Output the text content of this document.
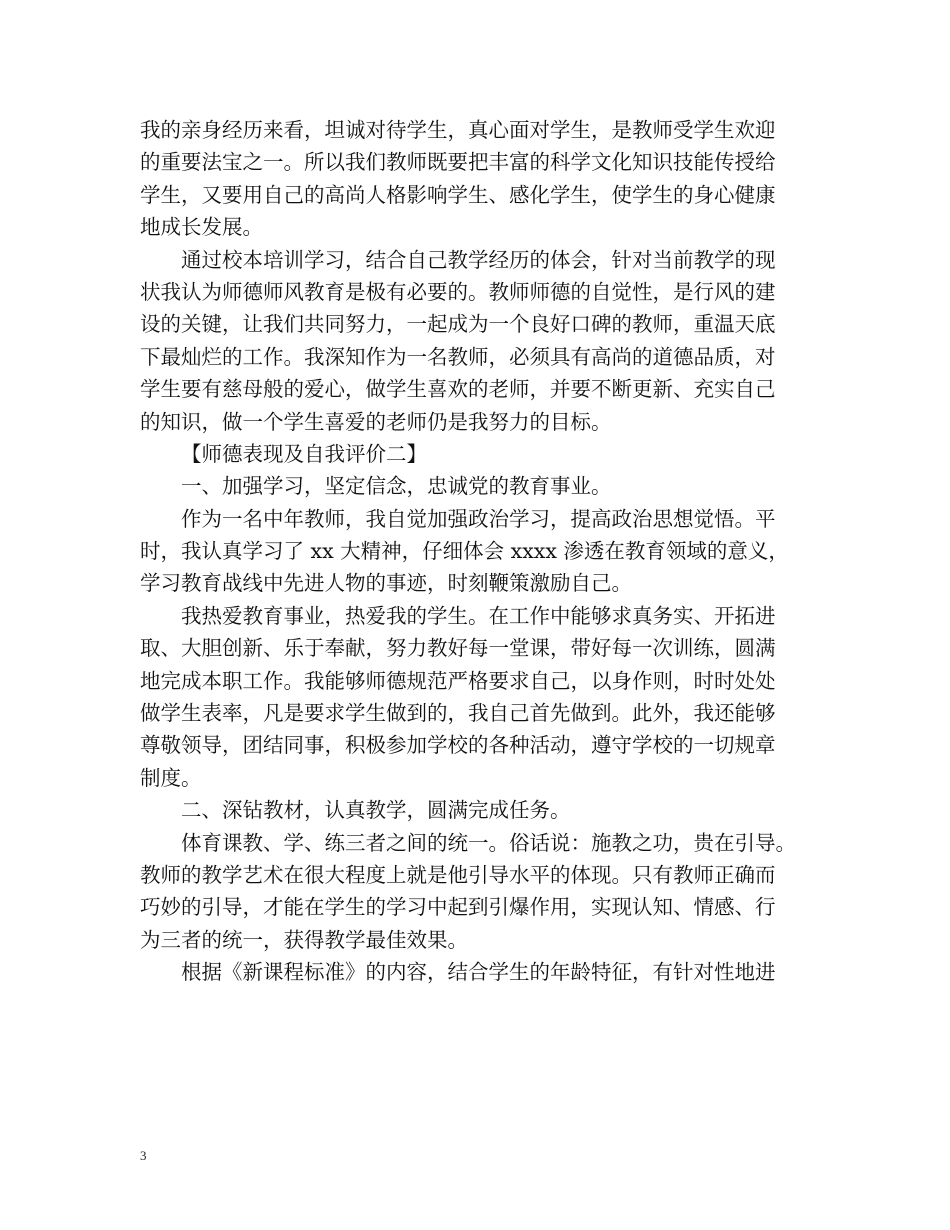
我的亲身经历来看，坦诚对待学生，真心面对学生，是教师受学生欢迎
的重要法宝之一。所以我们教师既要把丰富的科学文化知识技能传授给
学生，又要用自己的高尚人格影响学生、感化学生，使学生的身心健康
地成长发展。
通过校本培训学习，结合自己教学经历的体会，针对当前教学的现
状我认为师德师风教育是极有必要的。教师师德的自觉性，是行风的建
设的关键，让我们共同努力，一起成为一个良好口碑的教师，重温天底
下最灿烂的工作。我深知作为一名教师，必须具有高尚的道德品质，对
学生要有慈母般的爱心，做学生喜欢的老师，并要不断更新、充实自己
的知识，做一个学生喜爱的老师仍是我努力的目标。
【师德表现及自我评价二】
一、加强学习，坚定信念，忠诚党的教育事业。
作为一名中年教师，我自觉加强政治学习，提高政治思想觉悟。平
时，我认真学习了 xx 大精神，仔细体会 xxxx 渗透在教育领域的意义，
学习教育战线中先进人物的事迹，时刻鞭策激励自己。
我热爱教育事业，热爱我的学生。在工作中能够求真务实、开拓进
取、大胆创新、乐于奉献，努力教好每一堂课，带好每一次训练，圆满
地完成本职工作。我能够师德规范严格要求自己，以身作则，时时处处
做学生表率，凡是要求学生做到的，我自己首先做到。此外，我还能够
尊敬领导，团结同事，积极参加学校的各种活动，遵守学校的一切规章
制度。
二、深钻教材，认真教学，圆满完成任务。
体育课教、学、练三者之间的统一。俗话说：施教之功，贵在引导。
教师的教学艺术在很大程度上就是他引导水平的体现。只有教师正确而
巧妙的引导，才能在学生的学习中起到引爆作用，实现认知、情感、行
为三者的统一，获得教学最佳效果。
根据《新课程标准》的内容，结合学生的年龄特征，有针对性地进
3
